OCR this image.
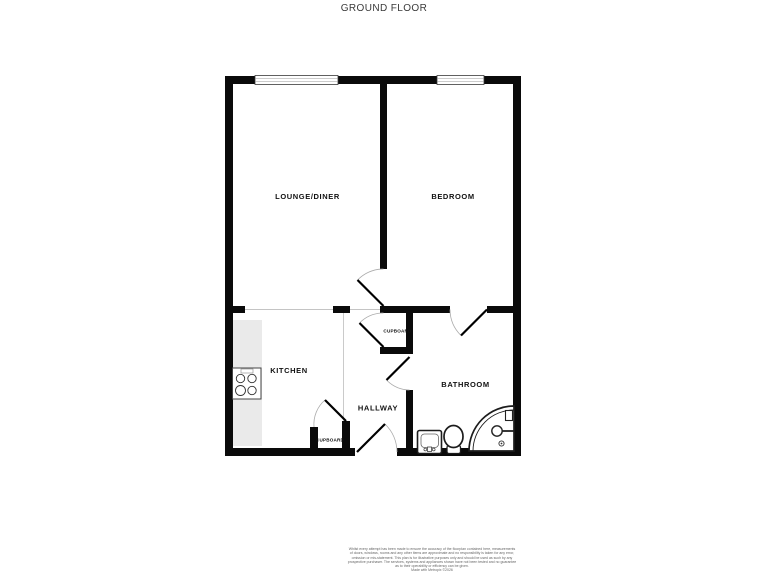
GROUND FLOOR
LOUNGE/DINER	BEDROOM
KITCHEN
HALLWAY
BATHROOM
CUPBOARD
CUPBOARD
Whilst every attempt has been made to ensure the accuracy of the floorplan contained here, measurements
of doors, windows, rooms and any other items are approximate and no responsibility is taken for any error,
omission or mis-statement. This plan is for illustrative purposes only and should be used as such by any
prospective purchaser. The services, systems and appliances shown have not been tested and no guarantee
as to their operability or efficiency can be given.
Made with Metropix ©2026
